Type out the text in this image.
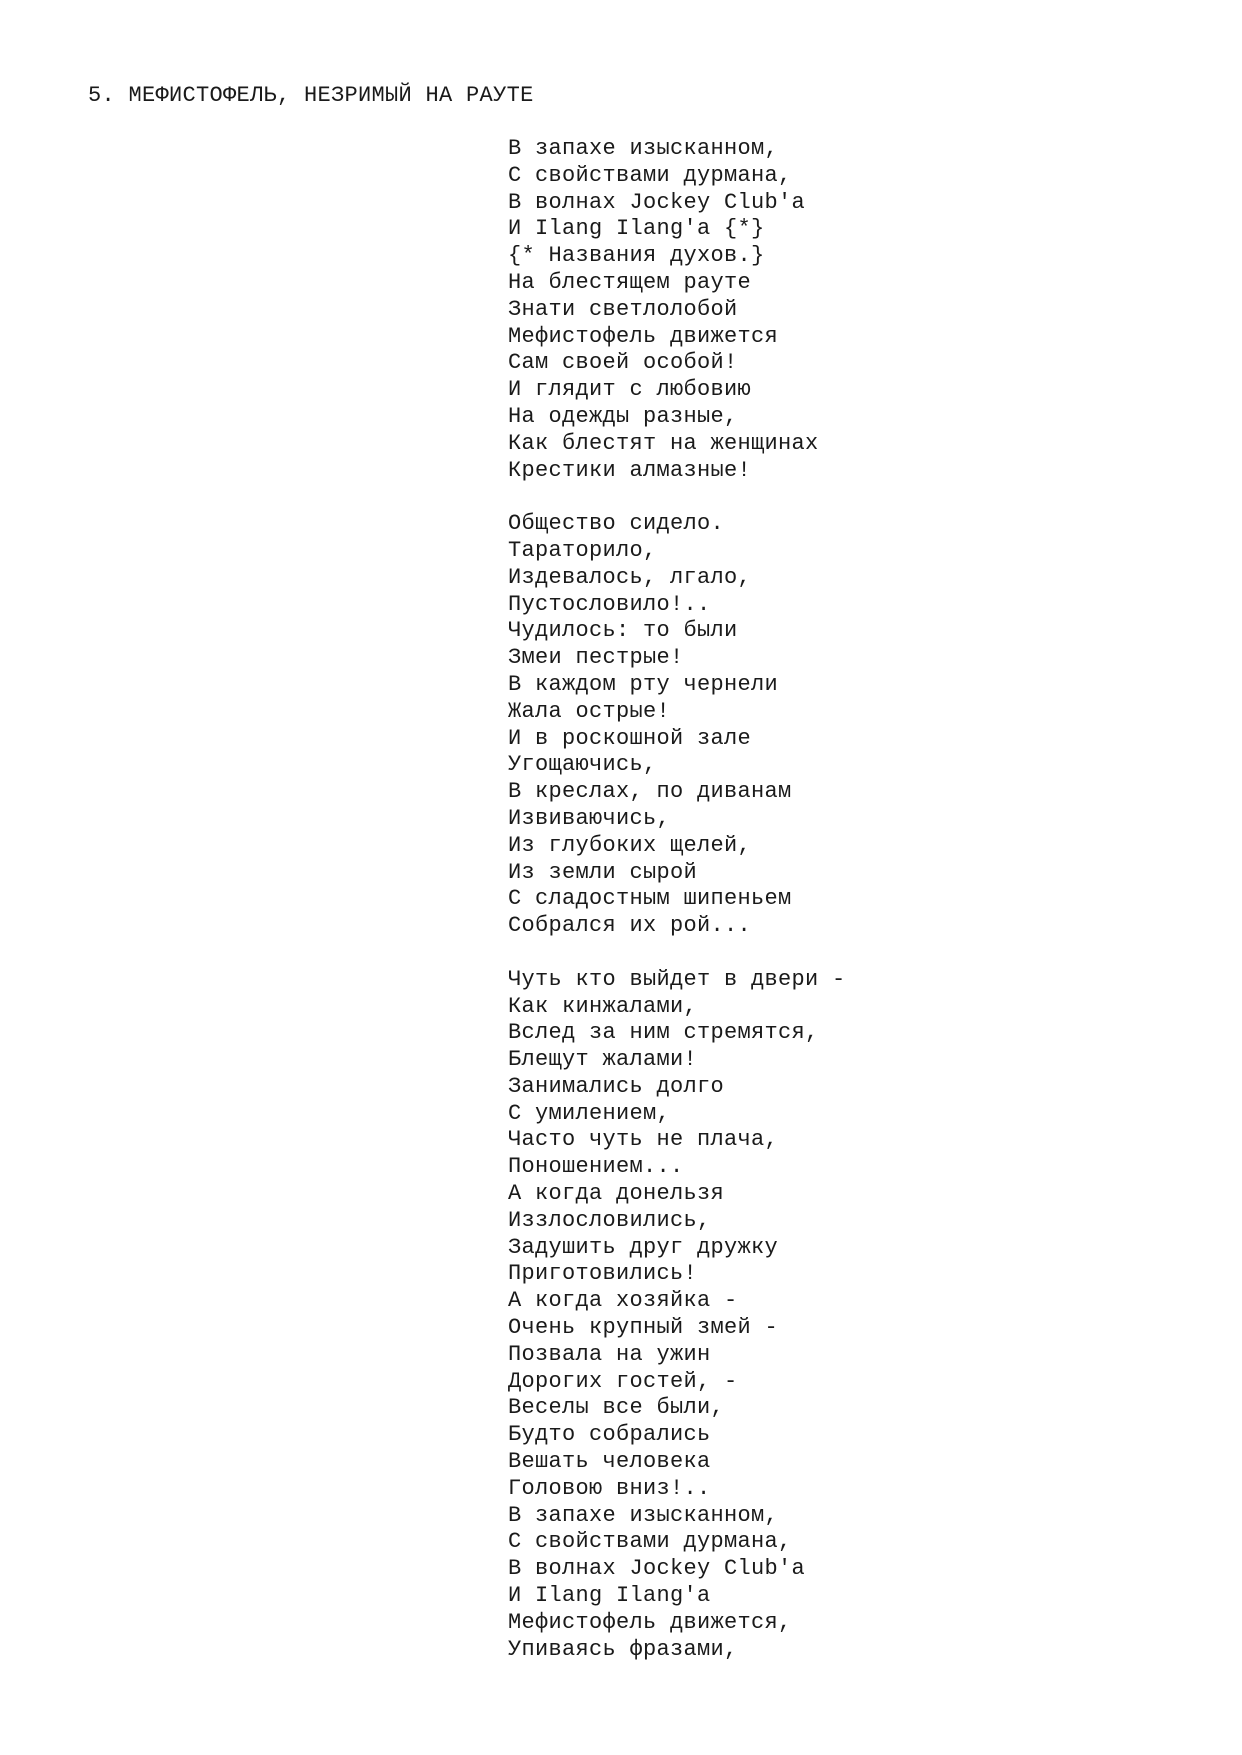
5. МЕФИСТОФЕЛЬ, НЕЗРИМЫЙ НА РАУТЕ
В запахе изысканном,
С свойствами дурмана,
В волнах Jockey Club'a
И Ilang Ilang'a {*}
{* Названия духов.}
На блестящем рауте
Знати светлолобой
Мефистофель движется
Сам своей особой!
И глядит с любовию
На одежды разные,
Как блестят на женщинах
Крестики алмазные!
Общество сидело.
Тараторило,
Издевалось, лгало,
Пустословило!..
Чудилось: то были
Змеи пестрые!
В каждом рту чернели
Жала острые!
И в роскошной зале
Угощаючись,
В креслах, по диванам
Извиваючись,
Из глубоких щелей,
Из земли сырой
С сладостным шипеньем
Собрался их рой...
Чуть кто выйдет в двери -
Как кинжалами,
Вслед за ним стремятся,
Блещут жалами!
Занимались долго
С умилением,
Часто чуть не плача,
Поношением...
А когда донельзя
Иззлословились,
Задушить друг дружку
Приготовились!
А когда хозяйка -
Очень крупный змей -
Позвала на ужин
Дорогих гостей, -
Веселы все были,
Будто собрались
Вешать человека
Головою вниз!..
В запахе изысканном,
С свойствами дурмана,
В волнах Jockey Club'a
И Ilang Ilang'a
Мефистофель движется,
Упиваясь фразами,
